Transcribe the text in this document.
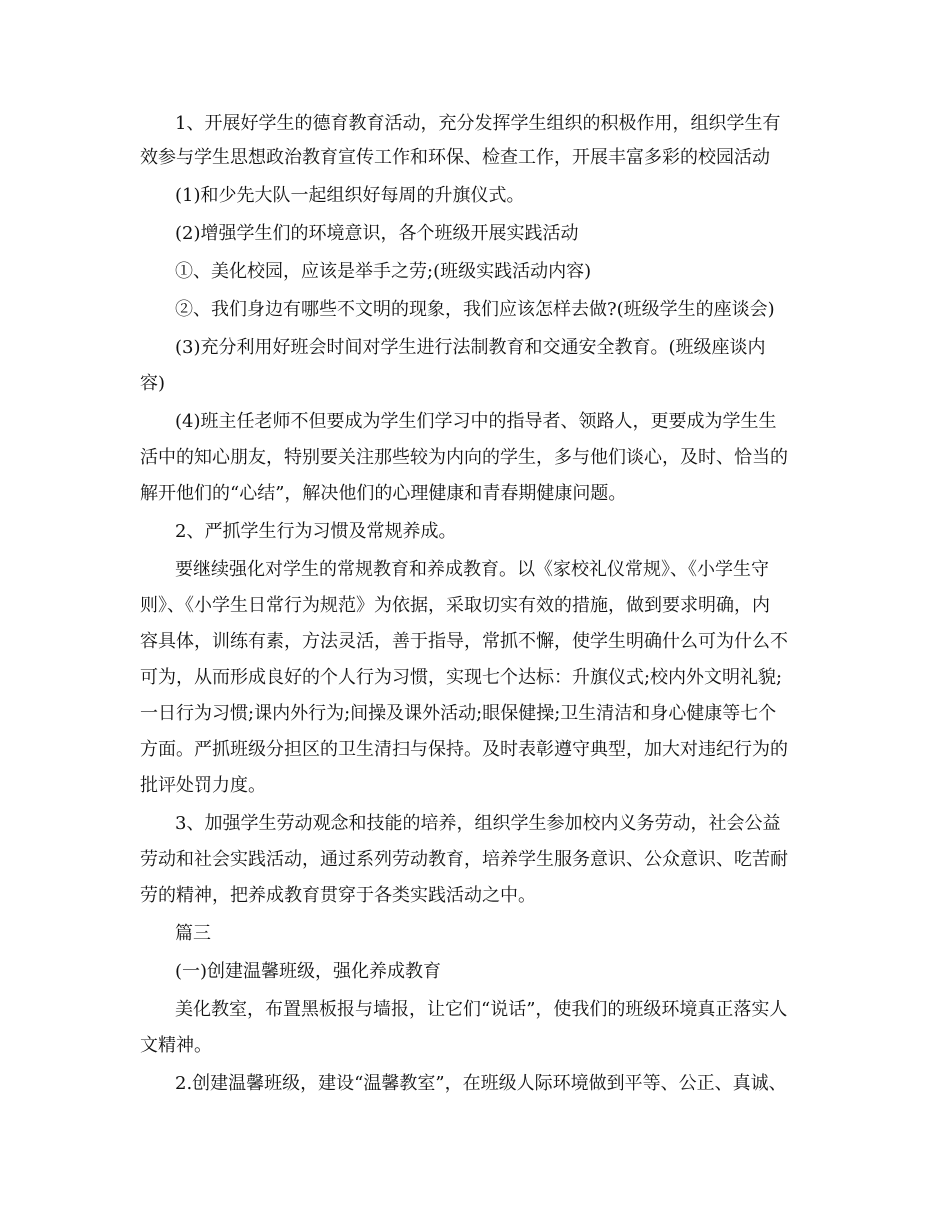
1、开展好学生的德育教育活动，充分发挥学生组织的积极作用，组织学生有
效参与学生思想政治教育宣传工作和环保、检查工作，开展丰富多彩的校园活动
(1)和少先大队一起组织好每周的升旗仪式。
(2)增强学生们的环境意识，各个班级开展实践活动
①、美化校园，应该是举手之劳;(班级实践活动内容)
②、我们身边有哪些不文明的现象，我们应该怎样去做?(班级学生的座谈会)
(3)充分利用好班会时间对学生进行法制教育和交通安全教育。(班级座谈内
容)
(4)班主任老师不但要成为学生们学习中的指导者、领路人，更要成为学生生
活中的知心朋友，特别要关注那些较为内向的学生，多与他们谈心，及时、恰当的
解开他们的“心结”，解决他们的心理健康和青春期健康问题。
2、严抓学生行为习惯及常规养成。
要继续强化对学生的常规教育和养成教育。以《家校礼仪常规》、《小学生守
则》、《小学生日常行为规范》为依据，采取切实有效的措施，做到要求明确，内
容具体，训练有素，方法灵活，善于指导，常抓不懈，使学生明确什么可为什么不
可为，从而形成良好的个人行为习惯，实现七个达标：升旗仪式;校内外文明礼貌;
一日行为习惯;课内外行为;间操及课外活动;眼保健操;卫生清洁和身心健康等七个
方面。严抓班级分担区的卫生清扫与保持。及时表彰遵守典型，加大对违纪行为的
批评处罚力度。
3、加强学生劳动观念和技能的培养，组织学生参加校内义务劳动，社会公益
劳动和社会实践活动，通过系列劳动教育，培养学生服务意识、公众意识、吃苦耐
劳的精神，把养成教育贯穿于各类实践活动之中。
篇三
(一)创建温馨班级，强化养成教育
美化教室，布置黑板报与墙报，让它们“说话”，使我们的班级环境真正落实人
文精神。
2.创建温馨班级，建设“温馨教室”，在班级人际环境做到平等、公正、真诚、
